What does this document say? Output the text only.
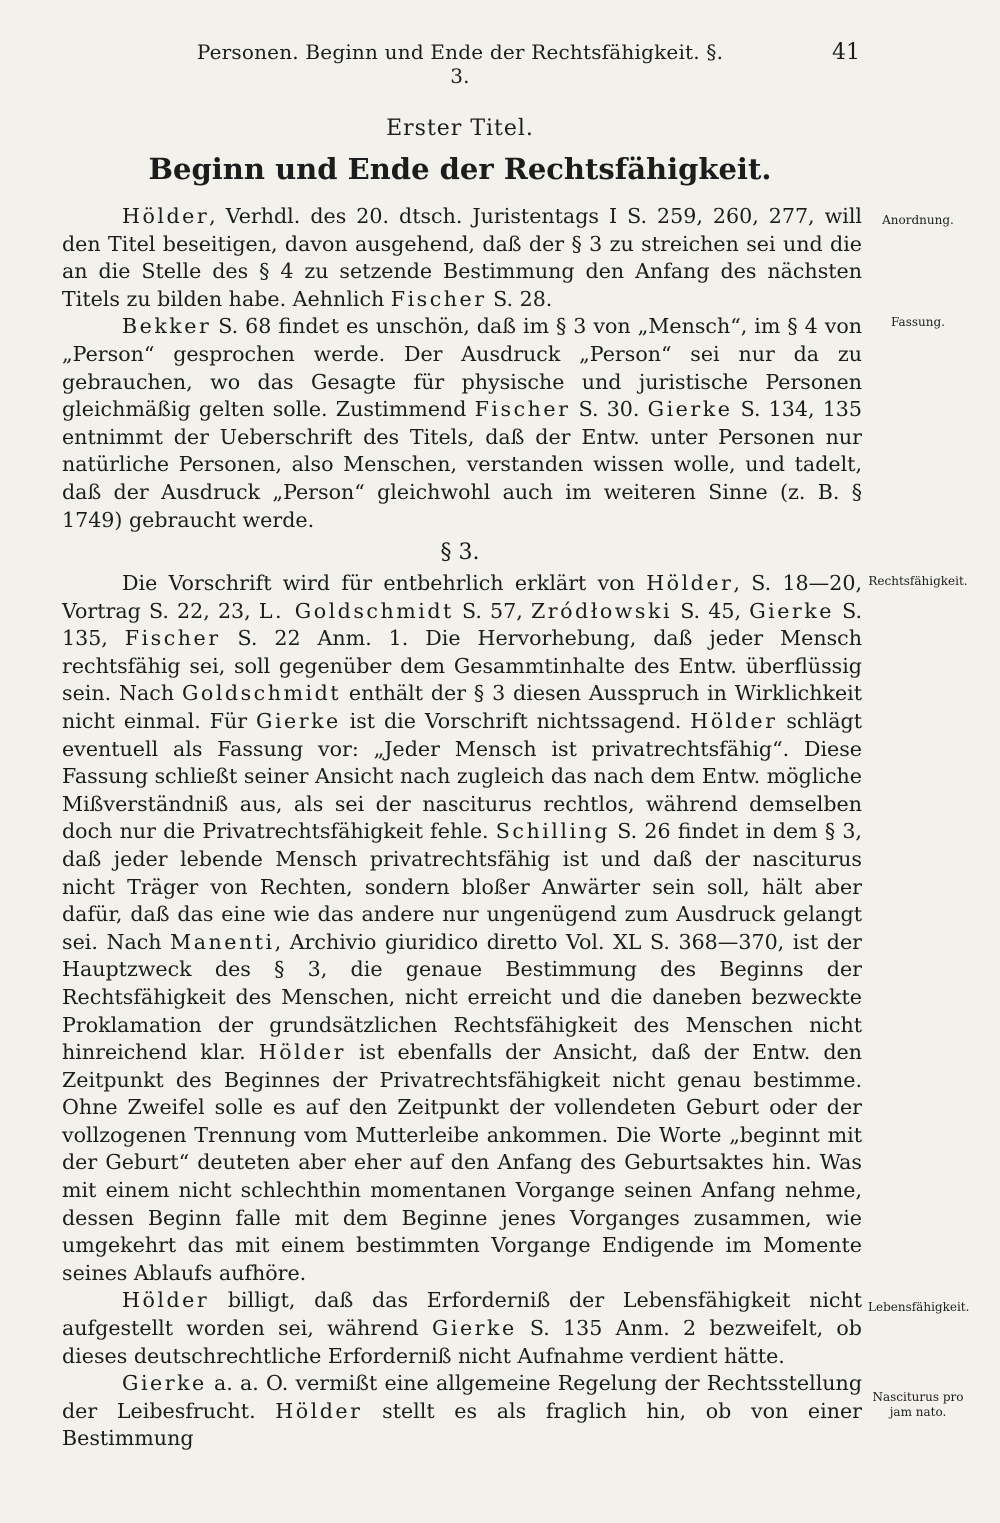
Personen. Beginn und Ende der Rechtsfähigkeit. §. 3.
41
Erster Titel.
Beginn und Ende der Rechtsfähigkeit.

Hölder, Verhdl. des 20. dtsch. Juristentags I S. 259, 260, 277, will den Titel beseitigen, davon ausgehend, daß der § 3 zu streichen sei und die an die Stelle des § 4 zu setzende Bestimmung den Anfang des nächsten Titels zu bilden habe. Aehnlich Fischer S. 28.

Bekker S. 68 findet es unschön, daß im § 3 von „Mensch“, im § 4 von „Person“ gesprochen werde. Der Ausdruck „Person“ sei nur da zu gebrauchen, wo das Gesagte für physische und juristische Personen gleichmäßig gelten solle. Zustimmend Fischer S. 30. Gierke S. 134, 135 entnimmt der Ueberschrift des Titels, daß der Entw. unter Personen nur natürliche Personen, also Menschen, verstanden wissen wolle, und tadelt, daß der Ausdruck „Person“ gleichwohl auch im weiteren Sinne (z. B. § 1749) gebraucht werde.

§ 3.

Die Vorschrift wird für entbehrlich erklärt von Hölder, S. 18—20, Vortrag S. 22, 23, L. Goldschmidt S. 57, Zródłowski S. 45, Gierke S. 135, Fischer S. 22 Anm. 1. Die Hervorhebung, daß jeder Mensch rechtsfähig sei, soll gegenüber dem Gesammtinhalte des Entw. überflüssig sein. Nach Goldschmidt enthält der § 3 diesen Ausspruch in Wirklichkeit nicht einmal. Für Gierke ist die Vorschrift nichtssagend. Hölder schlägt eventuell als Fassung vor: „Jeder Mensch ist privatrechtsfähig“. Diese Fassung schließt seiner Ansicht nach zugleich das nach dem Entw. mögliche Mißverständniß aus, als sei der nasciturus rechtlos, während demselben doch nur die Privatrechtsfähigkeit fehle. Schilling S. 26 findet in dem § 3, daß jeder lebende Mensch privatrechtsfähig ist und daß der nasciturus nicht Träger von Rechten, sondern bloßer Anwärter sein soll, hält aber dafür, daß das eine wie das andere nur ungenügend zum Ausdruck gelangt sei. Nach Manenti, Archivio giuridico diretto Vol. XL S. 368—370, ist der Hauptzweck des § 3, die genaue Bestimmung des Beginns der Rechtsfähigkeit des Menschen, nicht erreicht und die daneben bezweckte Proklamation der grundsätzlichen Rechtsfähigkeit des Menschen nicht hinreichend klar. Hölder ist ebenfalls der Ansicht, daß der Entw. den Zeitpunkt des Beginnes der Privatrechtsfähigkeit nicht genau bestimme. Ohne Zweifel solle es auf den Zeitpunkt der vollendeten Geburt oder der vollzogenen Trennung vom Mutterleibe ankommen. Die Worte „beginnt mit der Geburt“ deuteten aber eher auf den Anfang des Geburtsaktes hin. Was mit einem nicht schlechthin momentanen Vorgange seinen Anfang nehme, dessen Beginn falle mit dem Beginne jenes Vorganges zusammen, wie umgekehrt das mit einem bestimmten Vorgange Endigende im Momente seines Ablaufs aufhöre.

Hölder billigt, daß das Erforderniß der Lebensfähigkeit nicht aufgestellt worden sei, während Gierke S. 135 Anm. 2 bezweifelt, ob dieses deutschrechtliche Erforderniß nicht Aufnahme verdient hätte.

Gierke a. a. O. vermißt eine allgemeine Regelung der Rechtsstellung der Leibesfrucht. Hölder stellt es als fraglich hin, ob von einer Bestimmung

Anordnung.
Fassung.
Rechtsfähigkeit.
Lebensfähigkeit.
Nasciturus pro jam nato.
